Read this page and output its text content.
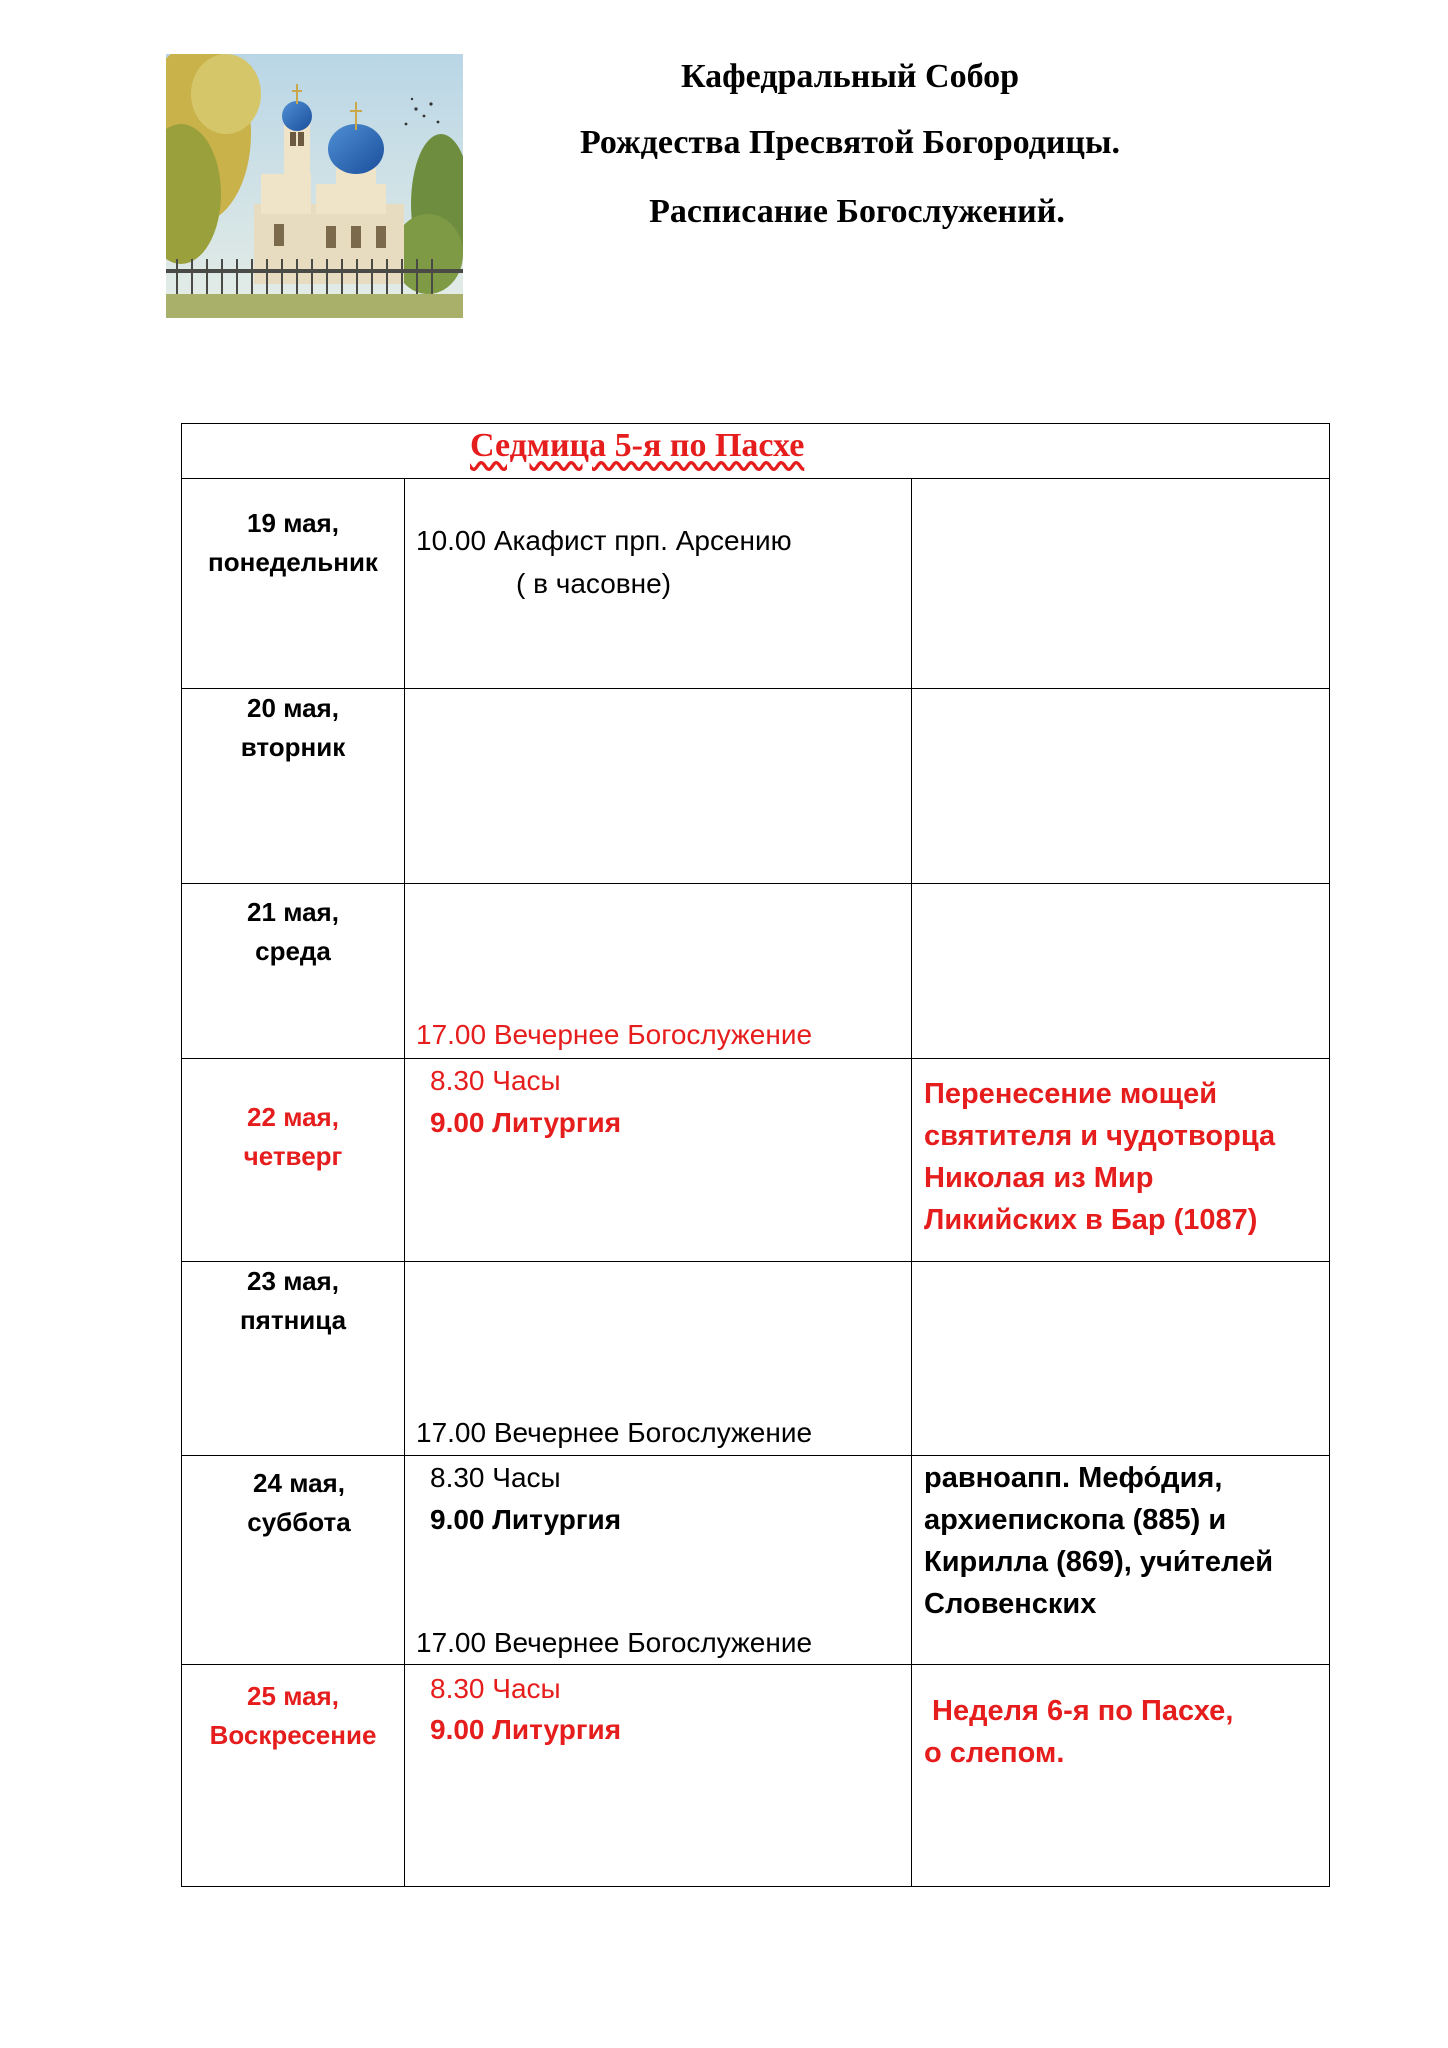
Кафедральный Собор
Рождества Пресвятой Богородицы.
Расписание Богослужений.
Седмица 5-я по Пасхе
19 мая,
понедельник
10.00 Акафист прп. Арсению
( в часовне)
20 мая,
вторник
21 мая,
среда
17.00 Вечернее Богослужение
22 мая,
четверг
8.30 Часы
9.00 Литургия
Перенесение мощей
святителя и чудотворца
Николая из Мир
Ликийских в Бар (1087)
23 мая,
пятница
17.00 Вечернее Богослужение
24 мая,
суббота
8.30 Часы
9.00 Литургия
17.00 Вечернее Богослужение
равноапп. Мефо́дия,
архиепископа (885) и
Кирилла (869), учи́телей
Словенских
25 мая,
Воскресение
8.30 Часы
9.00 Литургия
Неделя 6-я по Пасхе,
о слепом.
